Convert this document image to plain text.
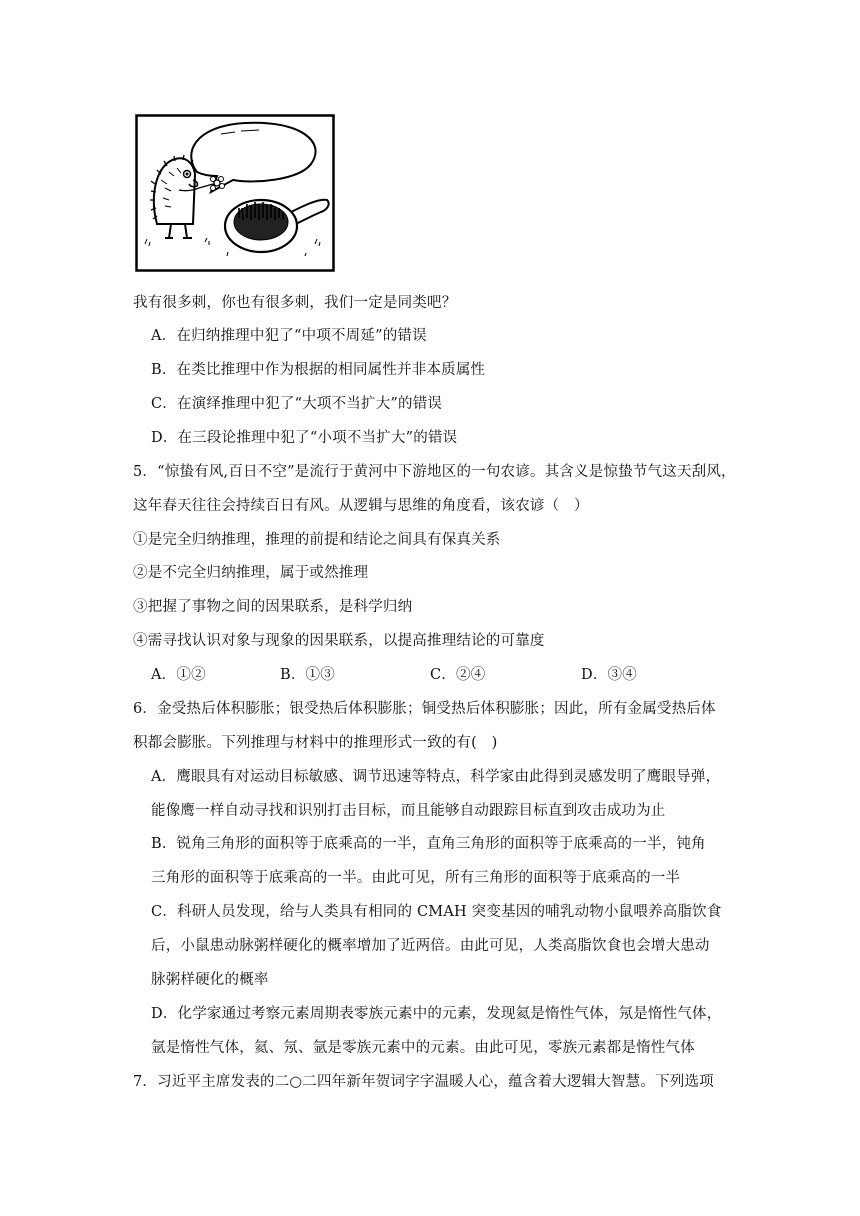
我有很多刺，你也有很多刺，我们一定是同类吧？
A．在归纳推理中犯了“中项不周延”的错误
B．在类比推理中作为根据的相同属性并非本质属性
C．在演绎推理中犯了“大项不当扩大”的错误
D．在三段论推理中犯了“小项不当扩大”的错误
5．“惊蛰有风,百日不空”是流行于黄河中下游地区的一句农谚。其含义是惊蛰节气这天刮风，
这年春天往往会持续百日有风。从逻辑与思维的角度看，该农谚（　）
①是完全归纳推理，推理的前提和结论之间具有保真关系
②是不完全归纳推理，属于或然推理
③把握了事物之间的因果联系，是科学归纳
④需寻找认识对象与现象的因果联系，以提高推理结论的可靠度
A．①②	B．①③	C．②④	D．③④
6．金受热后体积膨胀；银受热后体积膨胀；铜受热后体积膨胀；因此，所有金属受热后体
积都会膨胀。下列推理与材料中的推理形式一致的有(　)
A．鹰眼具有对运动目标敏感、调节迅速等特点，科学家由此得到灵感发明了鹰眼导弹，
能像鹰一样自动寻找和识别打击目标，而且能够自动跟踪目标直到攻击成功为止
B．锐角三角形的面积等于底乘高的一半，直角三角形的面积等于底乘高的一半，钝角
三角形的面积等于底乘高的一半。由此可见，所有三角形的面积等于底乘高的一半
C．科研人员发现，给与人类具有相同的 CMAH 突变基因的哺乳动物小鼠喂养高脂饮食
后，小鼠患动脉粥样硬化的概率增加了近两倍。由此可见，人类高脂饮食也会增大患动
脉粥样硬化的概率
D．化学家通过考察元素周期表零族元素中的元素，发现氦是惰性气体，氖是惰性气体，
氩是惰性气体，氦、氖、氩是零族元素中的元素。由此可见，零族元素都是惰性气体
7．习近平主席发表的二○二四年新年贺词字字温暖人心，蕴含着大逻辑大智慧。下列选项
